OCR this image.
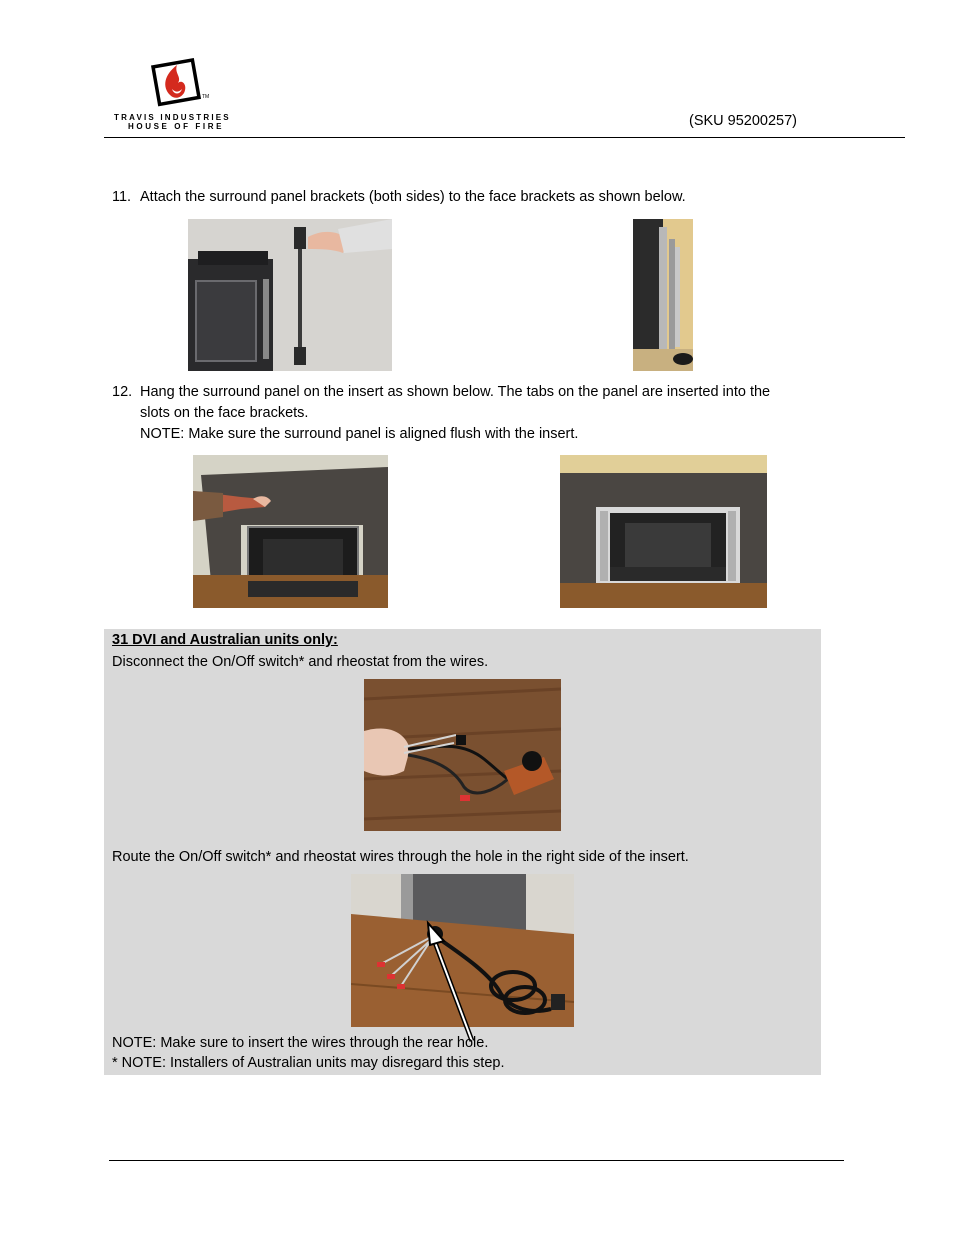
TM
TRAVIS INDUSTRIES
HOUSE OF FIRE	(SKU 95200257)
11. Attach the surround panel brackets (both sides) to the face brackets as shown below.
12. Hang the surround panel on the insert as shown below. The tabs on the panel are inserted into the
slots on the face brackets.
NOTE: Make sure the surround panel is aligned flush with the insert.
31 DVI and Australian units only:
Disconnect the On/Off switch* and rheostat from the wires.
Route the On/Off switch* and rheostat wires through the hole in the right side of the insert.
NOTE: Make sure to insert the wires through the rear hole.
* NOTE: Installers of Australian units may disregard this step.
